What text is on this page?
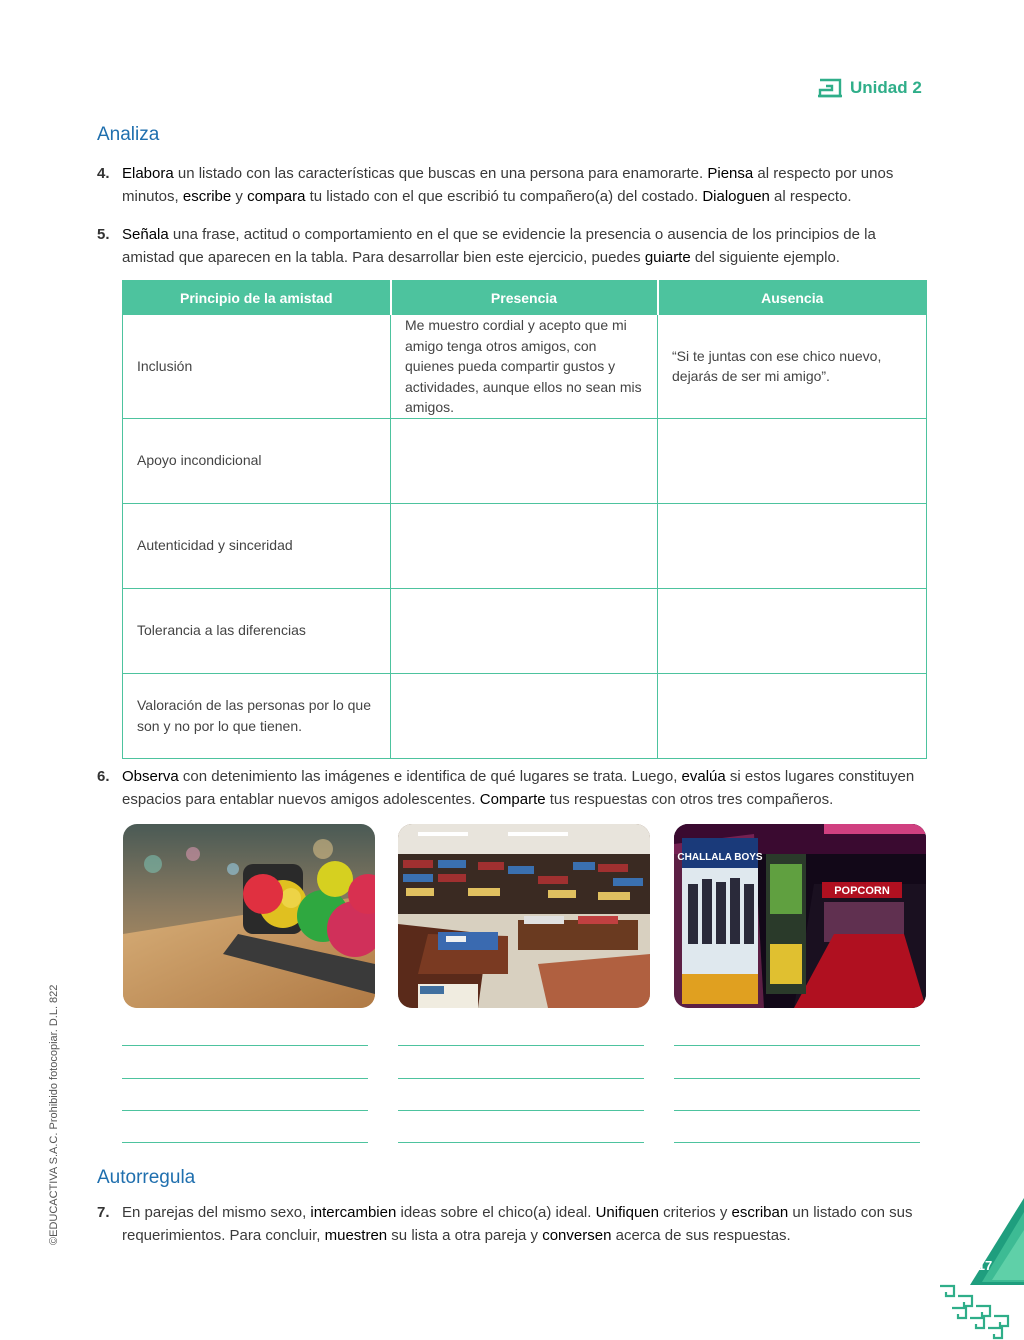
Unidad 2
Analiza
4. Elabora un listado con las características que buscas en una persona para enamorarte. Piensa al respecto por unos minutos, escribe y compara tu listado con el que escribió tu compañero(a) del costado. Dialoguen al respecto.
5. Señala una frase, actitud o comportamiento en el que se evidencie la presencia o ausencia de los principios de la amistad que aparecen en la tabla. Para desarrollar bien este ejercicio, puedes guiarte del siguiente ejemplo.
Principio de la amistad	Presencia	Ausencia
Inclusión	Me muestro cordial y acepto que mi amigo tenga otros amigos, con quienes pueda compartir gustos y actividades, aunque ellos no sean mis amigos.	“Si te juntas con ese chico nuevo, dejarás de ser mi amigo”.
Apoyo incondicional		
Autenticidad y sinceridad		
Tolerancia a las diferencias		
Valoración de las personas por lo que son y no por lo que tienen.		
6. Observa con detenimiento las imágenes e identifica de qué lugares se trata. Luego, evalúa si estos lugares constituyen espacios para entablar nuevos amigos adolescentes. Comparte tus respuestas con otros tres compañeros.
POPCORN
CHALLALA BOYS
Autorregula
7. En parejas del mismo sexo, intercambien ideas sobre el chico(a) ideal. Unifiquen criterios y escriban un listado con sus requerimientos. Para concluir, muestren su lista a otra pareja y conversen acerca de sus respuestas.
©EDUCACTIVA S.A.C. Prohibido fotocopiar. D.L. 822
17
